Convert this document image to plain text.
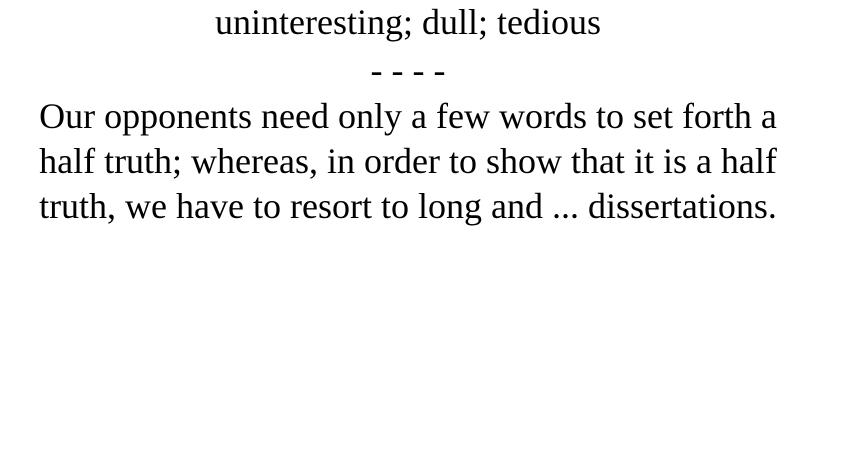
uninteresting; dull; tedious

- - - -

Our opponents need only a few words to set forth a half truth; whereas, in order to show that it is a half truth, we have to resort to long and ... dissertations.
